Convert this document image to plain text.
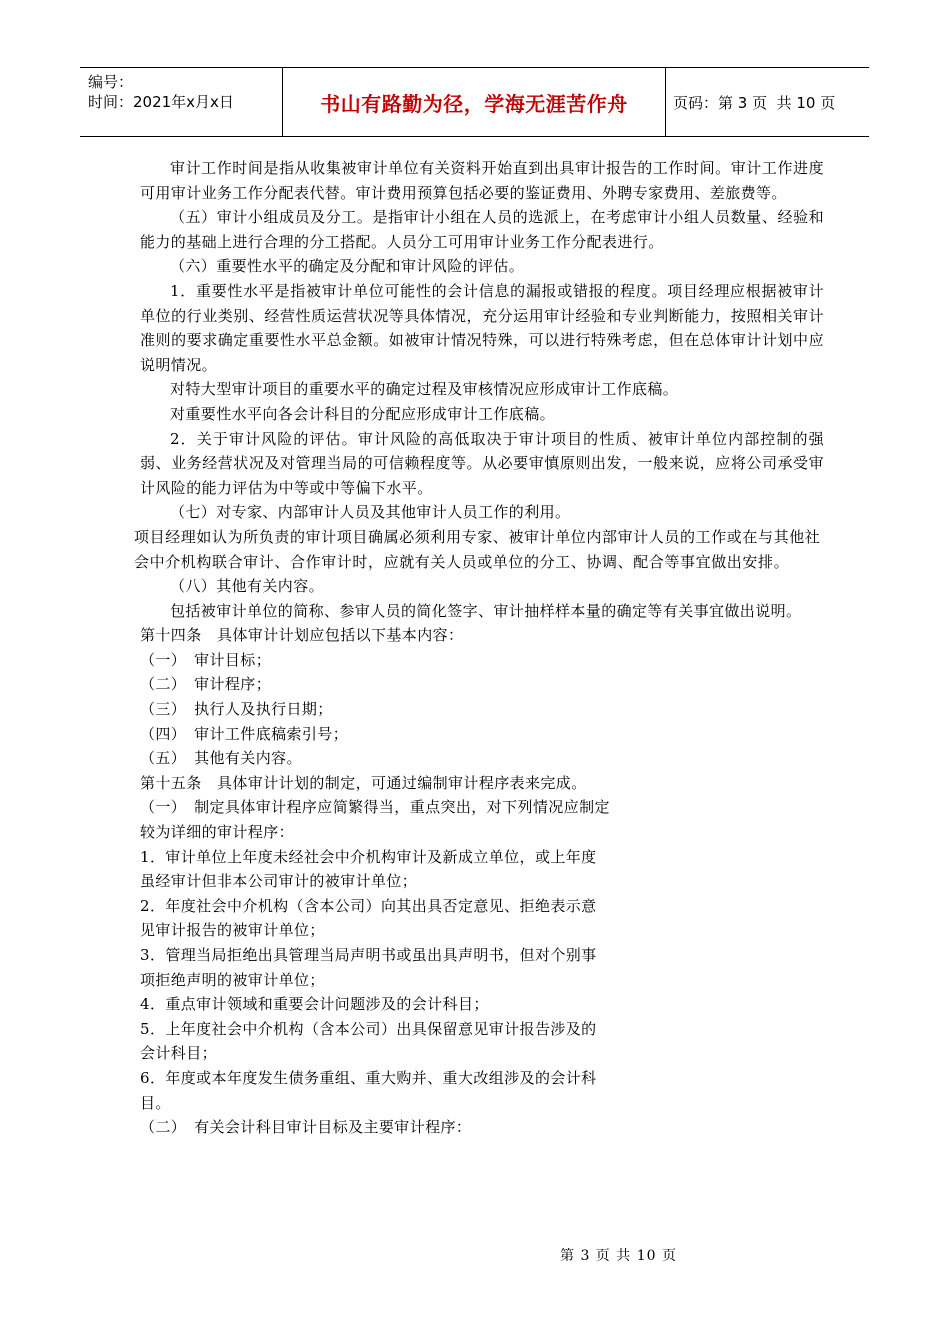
编号：
时间：2021年x月x日	书山有路勤为径，学海无涯苦作舟	页码：第 3 页  共 10 页

审计工作时间是指从收集被审计单位有关资料开始直到出具审计报告的工作时间。审计工作进度可用审计业务工作分配表代替。审计费用预算包括必要的鉴证费用、外聘专家费用、差旅费等。

（五）审计小组成员及分工。是指审计小组在人员的选派上，在考虑审计小组人员数量、经验和能力的基础上进行合理的分工搭配。人员分工可用审计业务工作分配表进行。

（六）重要性水平的确定及分配和审计风险的评估。

1．重要性水平是指被审计单位可能性的会计信息的漏报或错报的程度。项目经理应根据被审计单位的行业类别、经营性质运营状况等具体情况，充分运用审计经验和专业判断能力，按照相关审计准则的要求确定重要性水平总金额。如被审计情况特殊，可以进行特殊考虑，但在总体审计计划中应说明情况。

对特大型审计项目的重要水平的确定过程及审核情况应形成审计工作底稿。

对重要性水平向各会计科目的分配应形成审计工作底稿。

2．关于审计风险的评估。审计风险的高低取决于审计项目的性质、被审计单位内部控制的强弱、业务经营状况及对管理当局的可信赖程度等。从必要审慎原则出发，一般来说，应将公司承受审计风险的能力评估为中等或中等偏下水平。

（七）对专家、内部审计人员及其他审计人员工作的利用。

项目经理如认为所负责的审计项目确属必须利用专家、被审计单位内部审计人员的工作或在与其他社会中介机构联合审计、合作审计时，应就有关人员或单位的分工、协调、配合等事宜做出安排。

（八）其他有关内容。

包括被审计单位的简称、参审人员的简化签字、审计抽样样本量的确定等有关事宜做出说明。

第十四条　具体审计计划应包括以下基本内容：

（一）　审计目标；

（二）　审计程序；

（三）　执行人及执行日期；

（四）　审计工件底稿索引号；

（五）　其他有关内容。

第十五条　具体审计计划的制定，可通过编制审计程序表来完成。

（一）　制定具体审计程序应简繁得当，重点突出，对下列情况应制定较为详细的审计程序：

1．审计单位上年度未经社会中介机构审计及新成立单位，或上年度虽经审计但非本公司审计的被审计单位；

2．年度社会中介机构（含本公司）向其出具否定意见、拒绝表示意见审计报告的被审计单位；

3．管理当局拒绝出具管理当局声明书或虽出具声明书，但对个别事项拒绝声明的被审计单位；

4．重点审计领域和重要会计问题涉及的会计科目；

5．上年度社会中介机构（含本公司）出具保留意见审计报告涉及的会计科目；

6．年度或本年度发生债务重组、重大购并、重大改组涉及的会计科目。

（二）　有关会计科目审计目标及主要审计程序：

第 3 页 共 10 页
